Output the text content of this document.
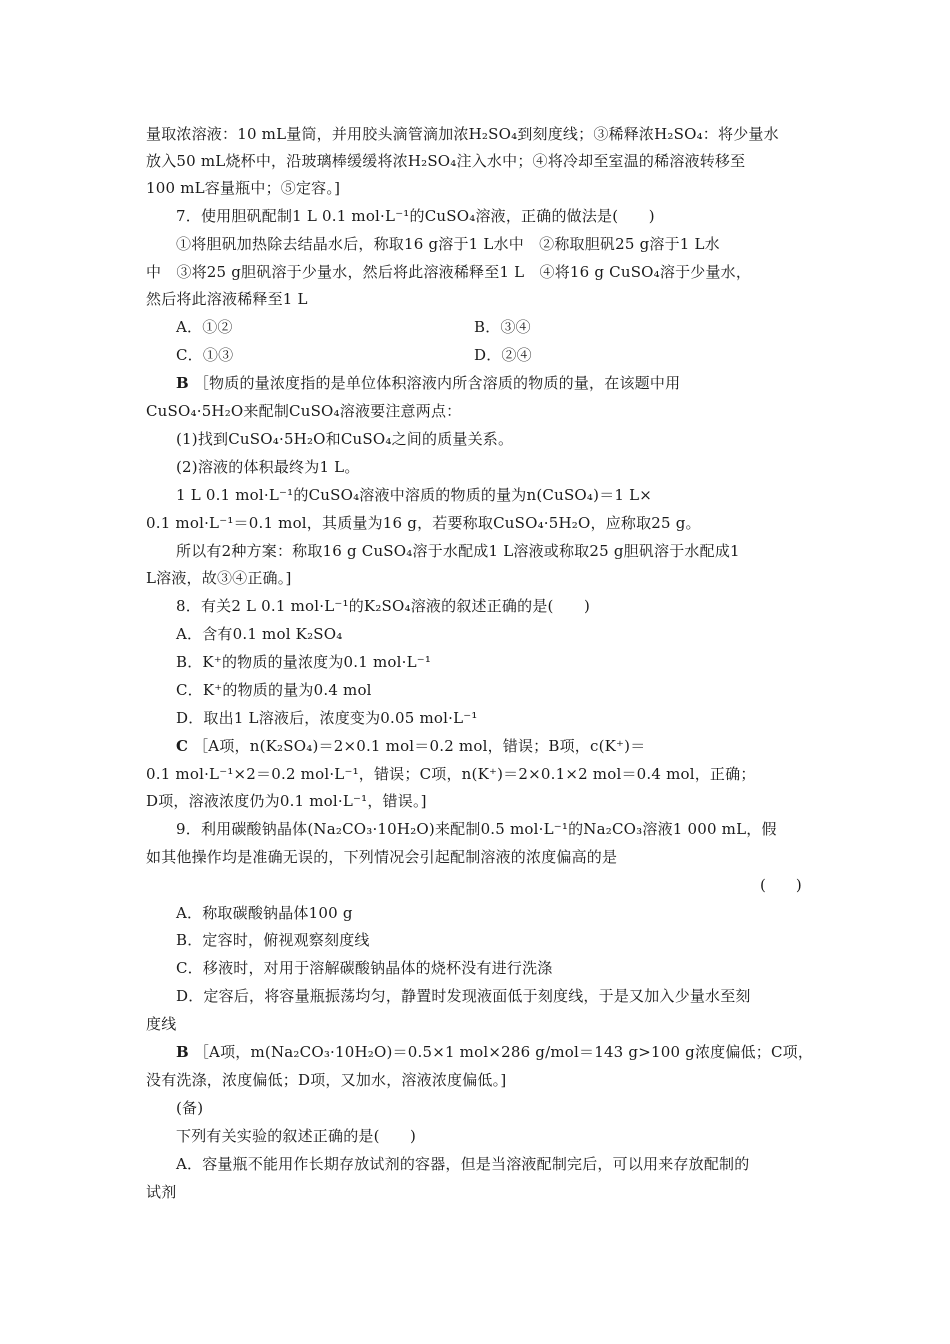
量取浓溶液：10 mL量筒，并用胶头滴管滴加浓H₂SO₄到刻度线；③稀释浓H₂SO₄：将少量水
放入50 mL烧杯中，沿玻璃棒缓缓将浓H₂SO₄注入水中；④将冷却至室温的稀溶液转移至
100 mL容量瓶中；⑤定容。]
7．使用胆矾配制1 L 0.1 mol·L⁻¹的CuSO₄溶液，正确的做法是(　　)
①将胆矾加热除去结晶水后，称取16 g溶于1 L水中　②称取胆矾25 g溶于1 L水
中　③将25 g胆矾溶于少量水，然后将此溶液稀释至1 L　④将16 g CuSO₄溶于少量水，
然后将此溶液稀释至1 L
A．①②	B．③④
C．①③	D．②④
B ［物质的量浓度指的是单位体积溶液内所含溶质的物质的量，在该题中用
CuSO₄·5H₂O来配制CuSO₄溶液要注意两点：
(1)找到CuSO₄·5H₂O和CuSO₄之间的质量关系。
(2)溶液的体积最终为1 L。
1 L 0.1 mol·L⁻¹的CuSO₄溶液中溶质的物质的量为n(CuSO₄)＝1 L×
0.1 mol·L⁻¹＝0.1 mol，其质量为16 g，若要称取CuSO₄·5H₂O，应称取25 g。
所以有2种方案：称取16 g CuSO₄溶于水配成1 L溶液或称取25 g胆矾溶于水配成1
L溶液，故③④正确。]
8．有关2 L 0.1 mol·L⁻¹的K₂SO₄溶液的叙述正确的是(　　)
A．含有0.1 mol K₂SO₄
B．K⁺的物质的量浓度为0.1 mol·L⁻¹
C．K⁺的物质的量为0.4 mol
D．取出1 L溶液后，浓度变为0.05 mol·L⁻¹
C ［A项，n(K₂SO₄)＝2×0.1 mol＝0.2 mol，错误；B项，c(K⁺)＝
0.1 mol·L⁻¹×2＝0.2 mol·L⁻¹，错误；C项，n(K⁺)＝2×0.1×2 mol＝0.4 mol，正确；
D项，溶液浓度仍为0.1 mol·L⁻¹，错误。]
9．利用碳酸钠晶体(Na₂CO₃·10H₂O)来配制0.5 mol·L⁻¹的Na₂CO₃溶液1 000 mL，假
如其他操作均是准确无误的，下列情况会引起配制溶液的浓度偏高的是
(　　)
A．称取碳酸钠晶体100 g
B．定容时，俯视观察刻度线
C．移液时，对用于溶解碳酸钠晶体的烧杯没有进行洗涤
D．定容后，将容量瓶振荡均匀，静置时发现液面低于刻度线，于是又加入少量水至刻
度线
B ［A项，m(Na₂CO₃·10H₂O)＝0.5×1 mol×286 g/mol＝143 g>100 g浓度偏低；C项，
没有洗涤，浓度偏低；D项，又加水，溶液浓度偏低。]
(备)
下列有关实验的叙述正确的是(　　)
A．容量瓶不能用作长期存放试剂的容器，但是当溶液配制完后，可以用来存放配制的
试剂
